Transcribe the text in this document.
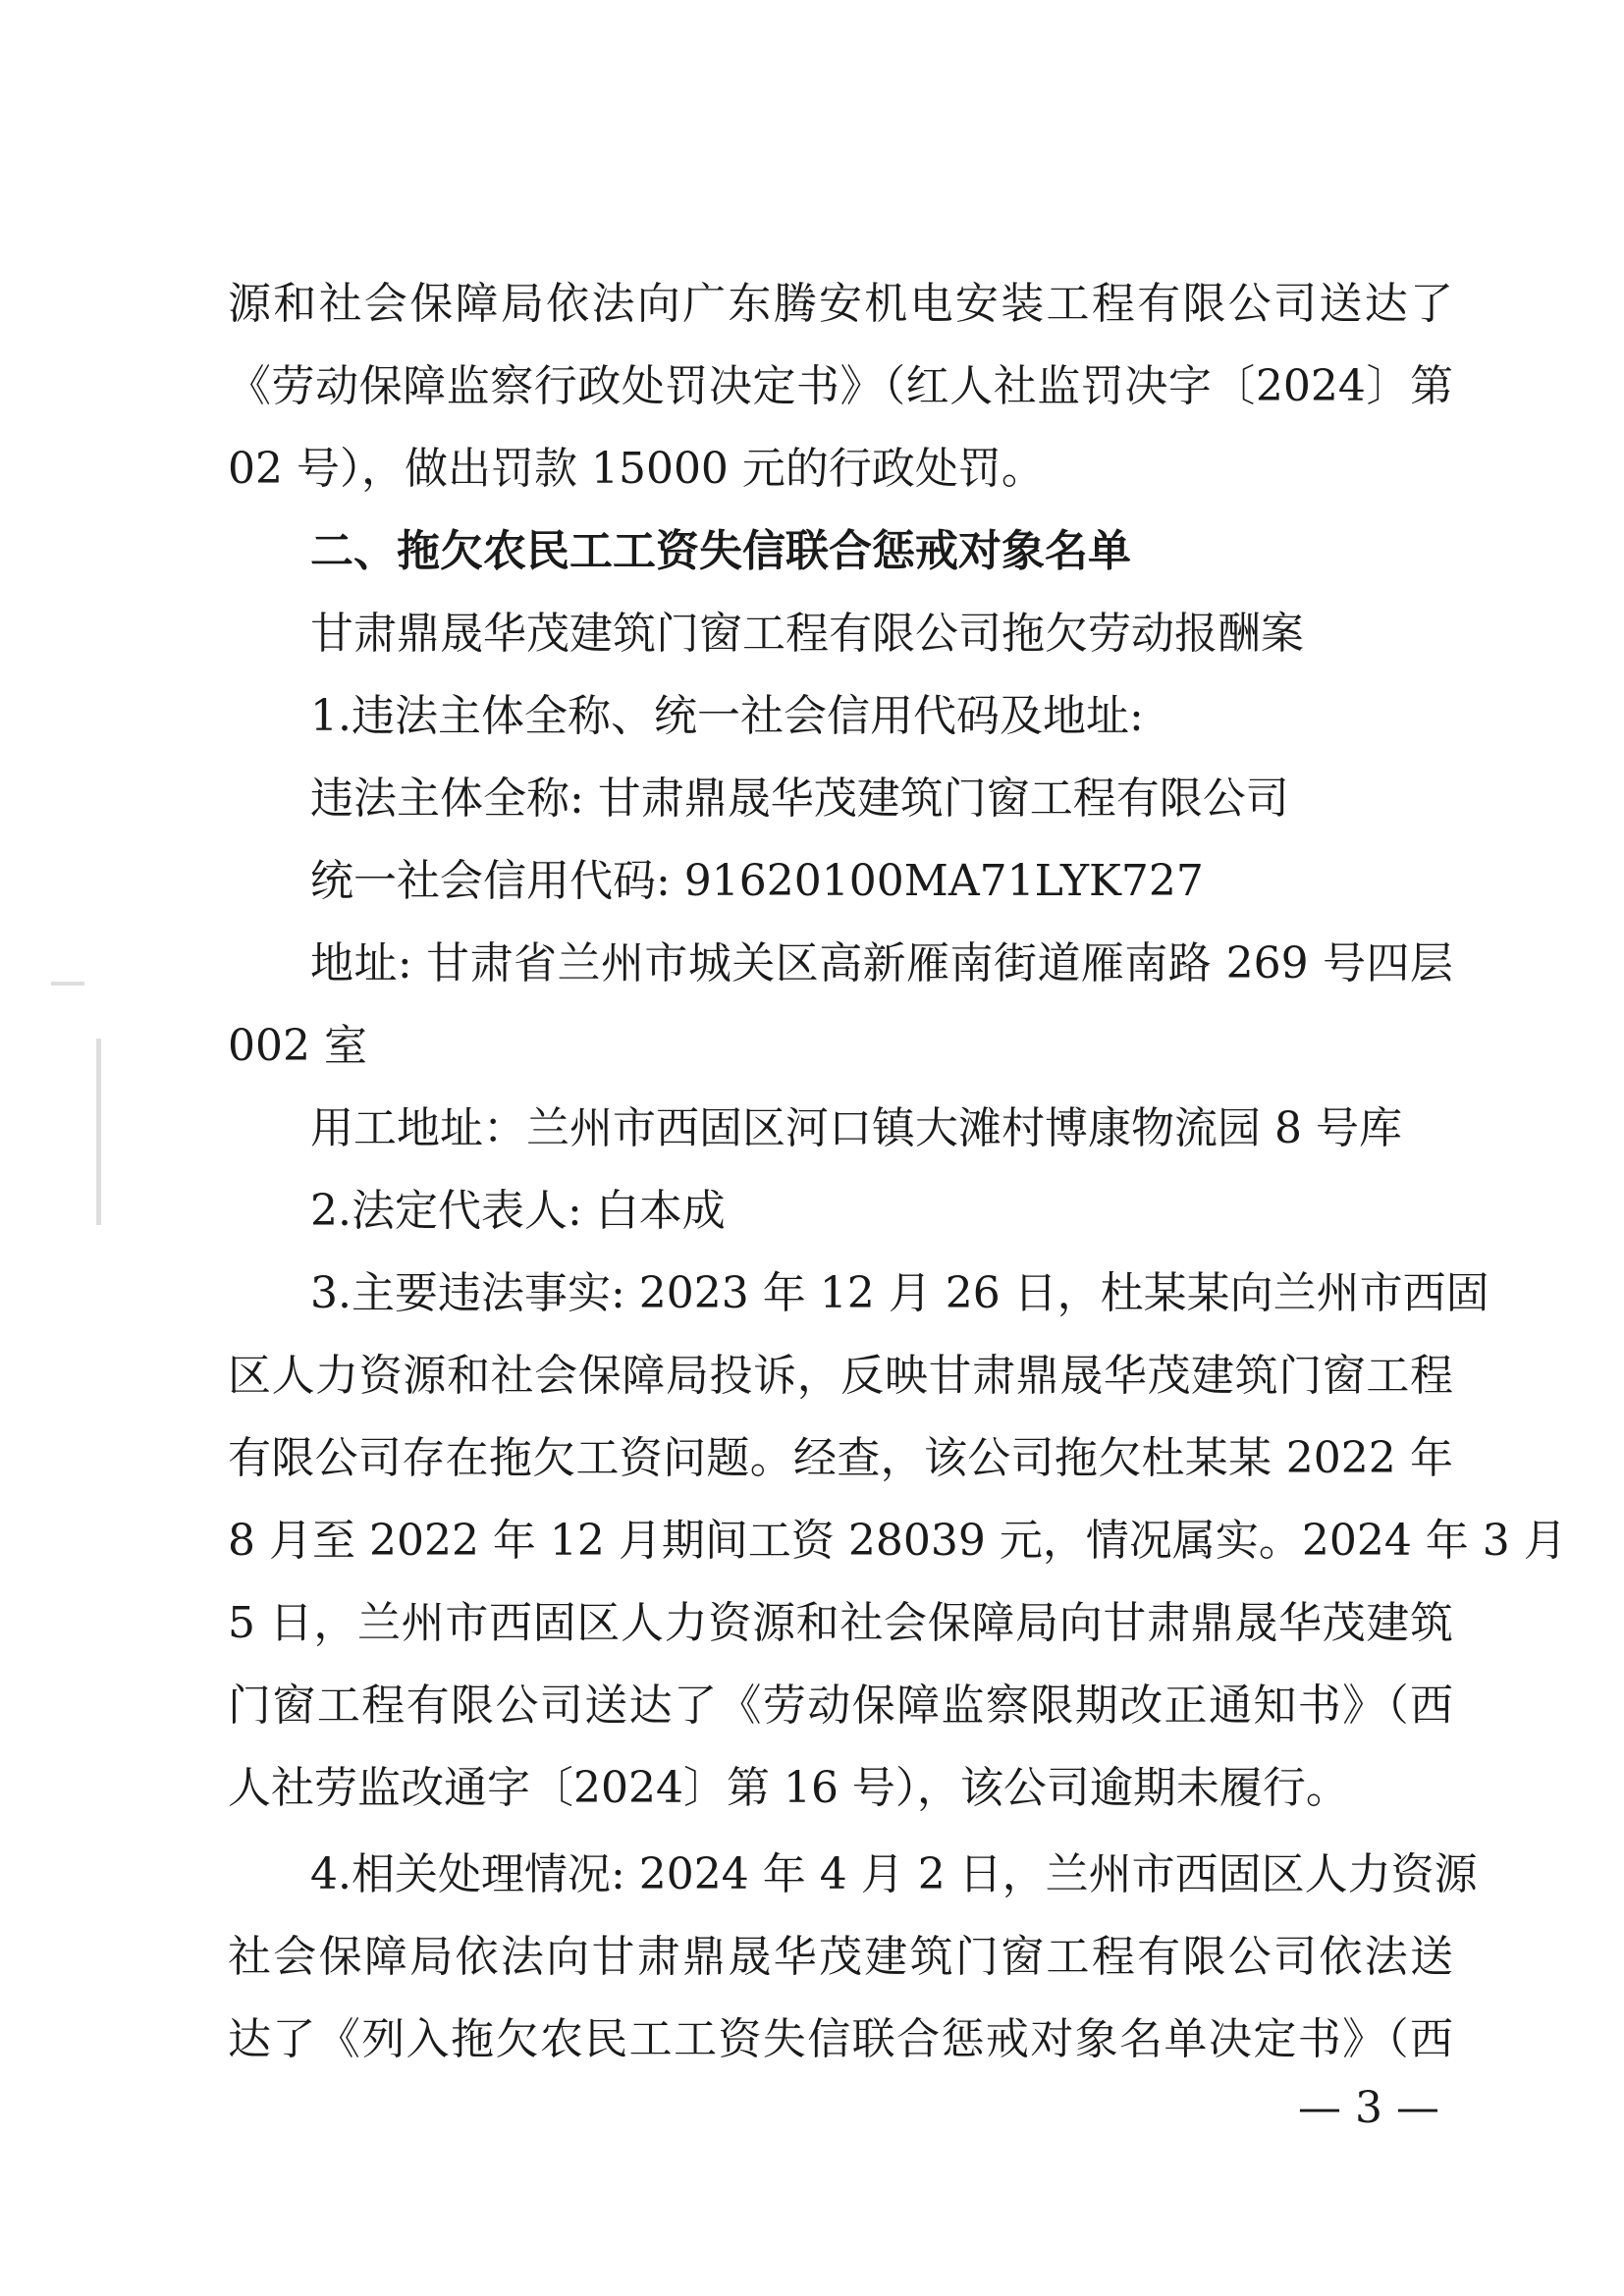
源和社会保障局依法向广东腾安机电安装工程有限公司送达了
《劳动保障监察行政处罚决定书》（红人社监罚决字〔2024〕第
02 号），做出罚款 15000 元的行政处罚。
二、拖欠农民工工资失信联合惩戒对象名单
甘肃鼎晟华茂建筑门窗工程有限公司拖欠劳动报酬案
1.违法主体全称、统一社会信用代码及地址:
违法主体全称: 甘肃鼎晟华茂建筑门窗工程有限公司
统一社会信用代码: 91620100MA71LYK727
地址: 甘肃省兰州市城关区高新雁南街道雁南路 269 号四层
002 室
用工地址：兰州市西固区河口镇大滩村博康物流园 8 号库
2.法定代表人: 白本成
3.主要违法事实: 2023 年 12 月 26 日，杜某某向兰州市西固
区人力资源和社会保障局投诉，反映甘肃鼎晟华茂建筑门窗工程
有限公司存在拖欠工资问题。经查，该公司拖欠杜某某 2022 年
8 月至 2022 年 12 月期间工资 28039 元，情况属实。2024 年 3 月
5 日，兰州市西固区人力资源和社会保障局向甘肃鼎晟华茂建筑
门窗工程有限公司送达了《劳动保障监察限期改正通知书》（西
人社劳监改通字〔2024〕第 16 号），该公司逾期未履行。
4.相关处理情况: 2024 年 4 月 2 日，兰州市西固区人力资源
社会保障局依法向甘肃鼎晟华茂建筑门窗工程有限公司依法送
达了《列入拖欠农民工工资失信联合惩戒对象名单决定书》（西
— 3 —
